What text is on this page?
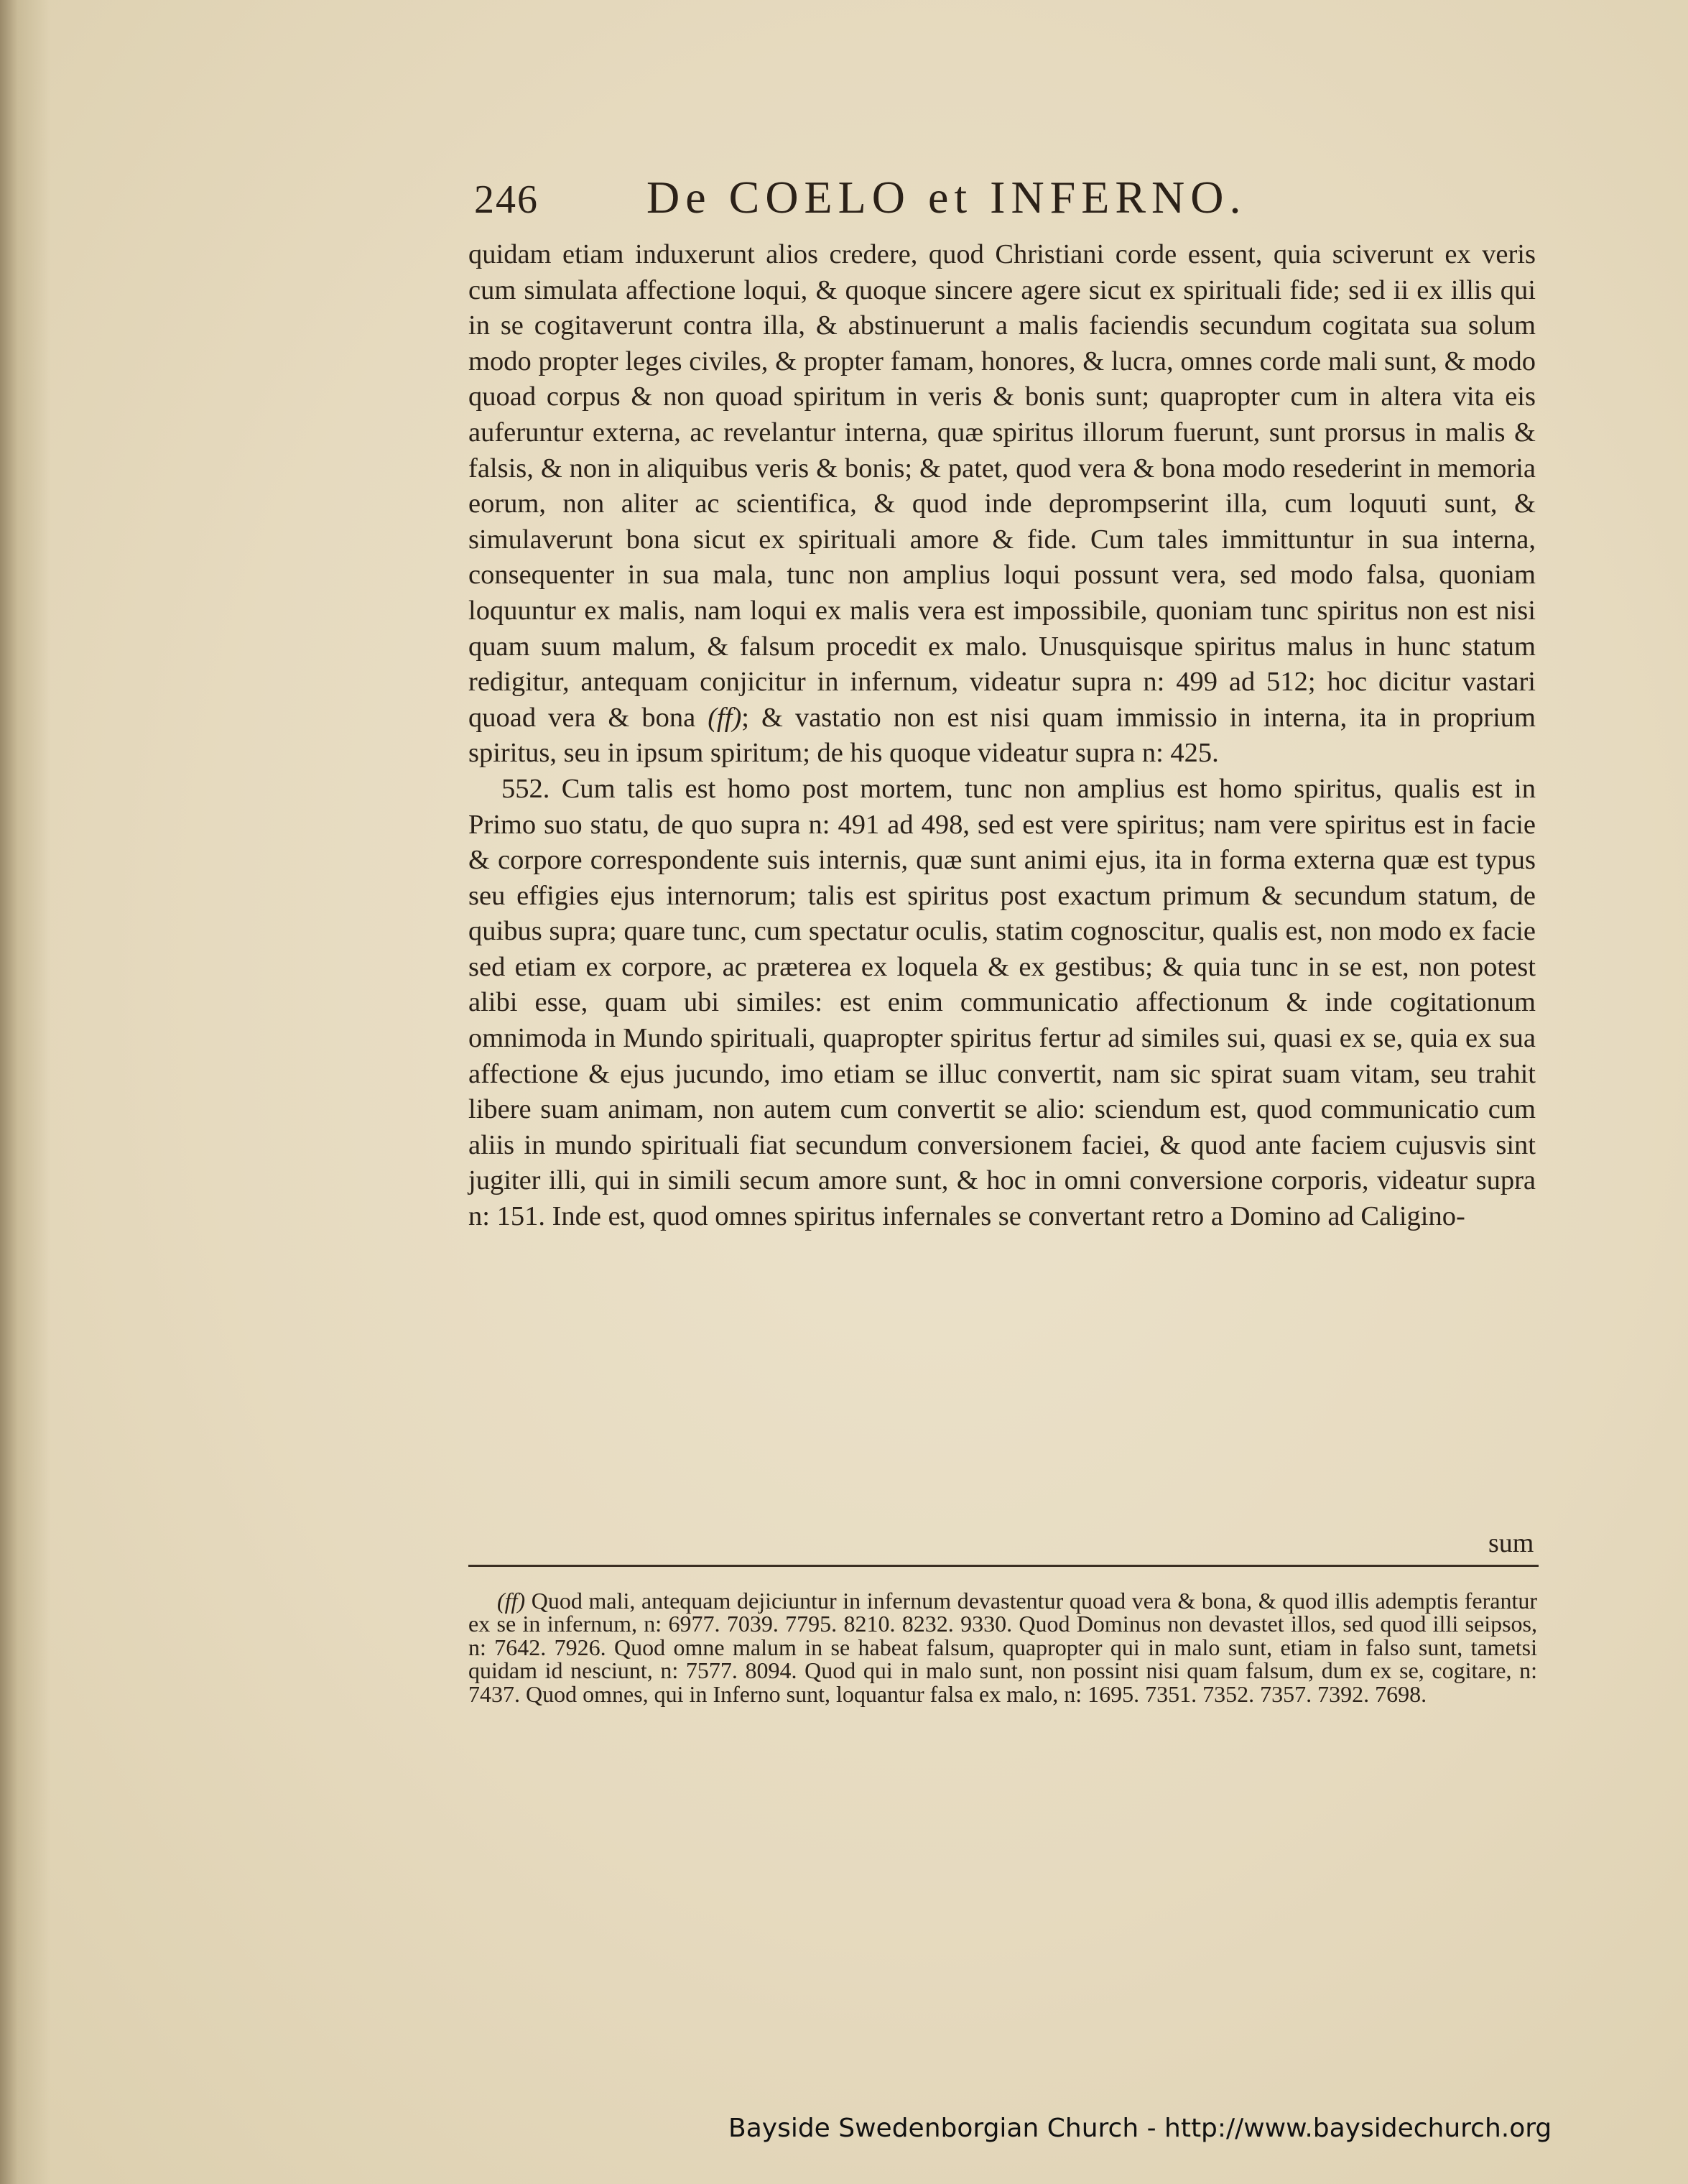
246 De COELO et INFERNO.

quidam etiam induxerunt alios credere, quod Christiani corde essent, quia sciverunt ex veris cum simulata affectione loqui, & quoque sincere agere sicut ex spirituali fide; sed ii ex illis qui in se cogitaverunt contra illa, & abstinuerunt a malis faciendis secundum cogitata sua solum modo propter leges civiles, & propter famam, honores, & lucra, omnes corde mali sunt, & modo quoad corpus & non quoad spiritum in veris & bonis sunt; quapropter cum in altera vita eis auferuntur externa, ac revelantur interna, quæ spiritus illorum fuerunt, sunt prorsus in malis & falsis, & non in aliquibus veris & bonis; & patet, quod vera & bona modo resederint in memoria eorum, non aliter ac scientifica, & quod inde deprompserint illa, cum loquuti sunt, & simulaverunt bona sicut ex spirituali amore & fide. Cum tales immittuntur in sua interna, consequenter in sua mala, tunc non amplius loqui possunt vera, sed modo falsa, quoniam loquuntur ex malis, nam loqui ex malis vera est impossibile, quoniam tunc spiritus non est nisi quam suum malum, & falsum procedit ex malo. Unusquisque spiritus malus in hunc statum redigitur, antequam conjicitur in infernum, videatur supra n: 499 ad 512; hoc dicitur vastari quoad vera & bona (ff); & vastatio non est nisi quam immissio in interna, ita in proprium spiritus, seu in ipsum spiritum; de his quoque videatur supra n: 425.

552. Cum talis est homo post mortem, tunc non amplius est homo spiritus, qualis est in Primo suo statu, de quo supra n: 491 ad 498, sed est vere spiritus; nam vere spiritus est in facie & corpore correspondente suis internis, quæ sunt animi ejus, ita in forma externa quæ est typus seu effigies ejus internorum; talis est spiritus post exactum primum & secundum statum, de quibus supra; quare tunc, cum spectatur oculis, statim cognoscitur, qualis est, non modo ex facie sed etiam ex corpore, ac præterea ex loquela & ex gestibus; & quia tunc in se est, non potest alibi esse, quam ubi similes: est enim communicatio affectionum & inde cogitationum omnimoda in Mundo spirituali, quapropter spiritus fertur ad similes sui, quasi ex se, quia ex sua affectione & ejus jucundo, imo etiam se illuc convertit, nam sic spirat suam vitam, seu trahit libere suam animam, non autem cum convertit se alio: sciendum est, quod communicatio cum aliis in mundo spirituali fiat secundum conversionem faciei, & quod ante faciem cujusvis sint jugiter illi, qui in simili secum amore sunt, & hoc in omni conversione corporis, videatur supra n: 151. Inde est, quod omnes spiritus infernales se convertant retro a Domino ad Caligino-

sum
(ff) Quod mali, antequam dejiciuntur in infernum devastentur quoad vera & bona, & quod illis ademptis ferantur ex se in infernum, n: 6977. 7039. 7795. 8210. 8232. 9330. Quod Dominus non devastet illos, sed quod illi seipsos, n: 7642. 7926. Quod omne malum in se habeat falsum, quapropter qui in malo sunt, etiam in falso sunt, tametsi quidam id nesciunt, n: 7577. 8094. Quod qui in malo sunt, non possint nisi quam falsum, dum ex se, cogitare, n: 7437. Quod omnes, qui in Inferno sunt, loquantur falsa ex malo, n: 1695. 7351. 7352. 7357. 7392. 7698.
Bayside Swedenborgian Church - http://www.baysidechurch.org
